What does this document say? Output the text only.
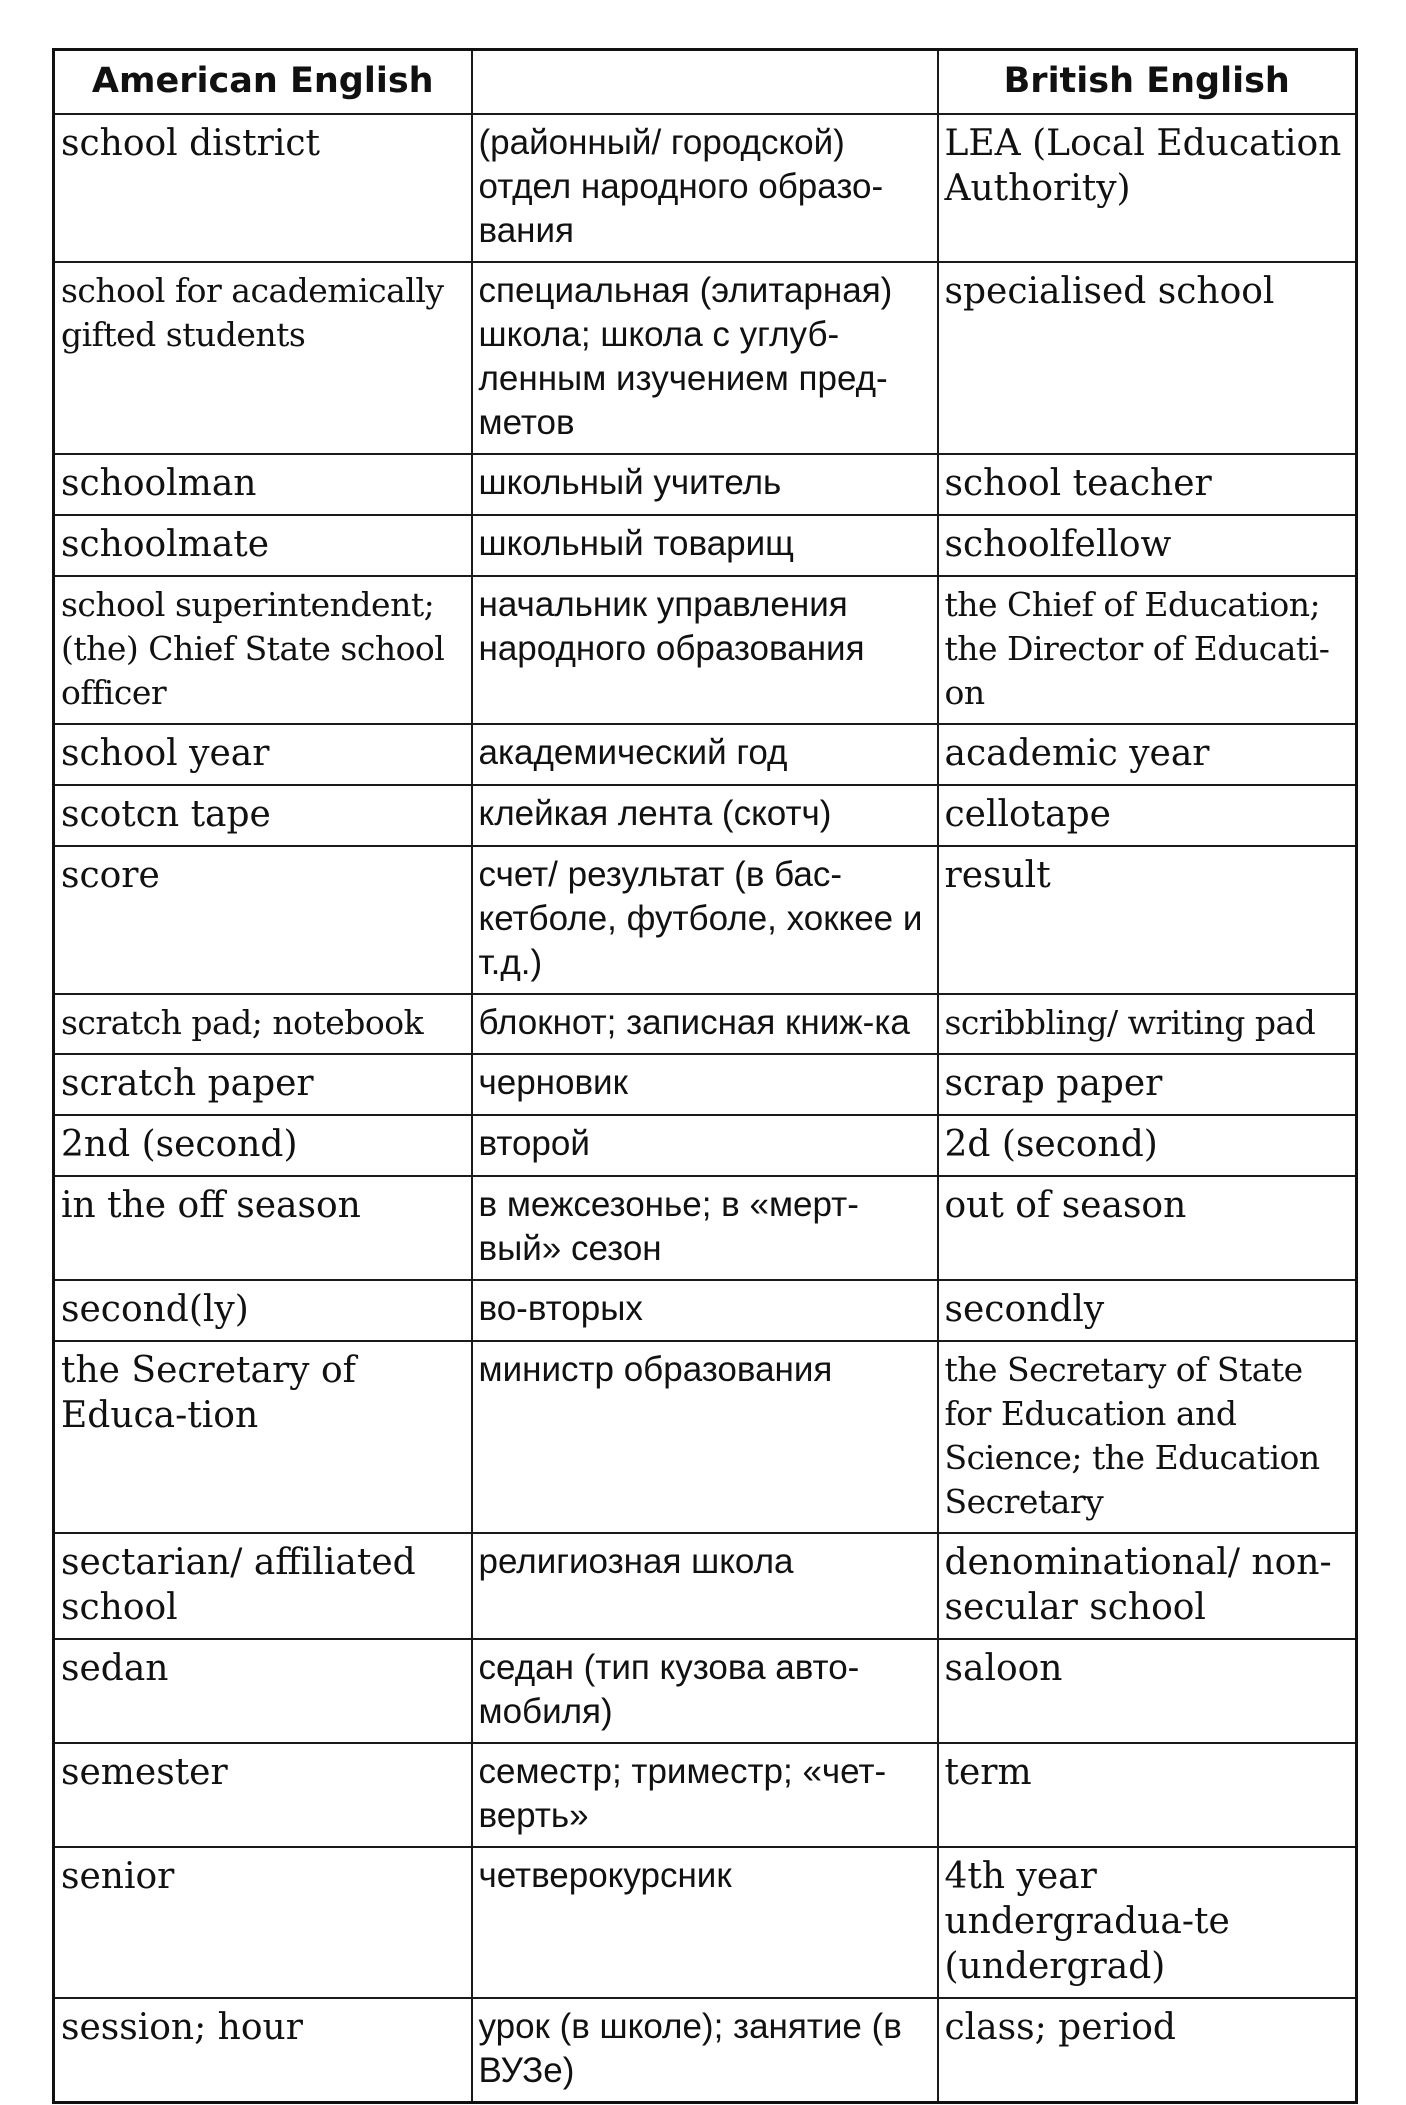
American English		British English
school district	(районный/ городской) отдел народного образо-вания	LEA (Local Education Authority)
school for academically gifted students	специальная (элитарная) школа; школа с углуб-ленным изучением пред-метов	specialised school
schoolman	школьный учитель	school teacher
schoolmate	школьный товарищ	schoolfellow
school superintendent; (the) Chief State school officer	начальник управления народного образования	the Chief of Education; the Director of Educati-on
school year	академический год	academic year
scotcn tape	клейкая лента (скотч)	cellotape
score	счет/ результат (в бас-кетболе, футболе, хоккее и т.д.)	result
scratch pad; notebook	блокнот; записная книж-ка	scribbling/ writing pad
scratch paper	черновик	scrap paper
2nd (second)	второй	2d (second)
in the off season	в межсезонье; в «мерт-вый» сезон	out of season
second(ly)	во-вторых	secondly
the Secretary of Educa-tion	министр образования	the Secretary of State for Education and Science; the Education Secretary
sectarian/ affiliated school	религиозная школа	denominational/ non-secular school
sedan	седан (тип кузова авто-мобиля)	saloon
semester	семестр; триместр; «чет-верть»	term
senior	четверокурсник	4th year undergradua-te (undergrad)
session; hour	урок (в школе); занятие (в ВУЗе)	class; period
